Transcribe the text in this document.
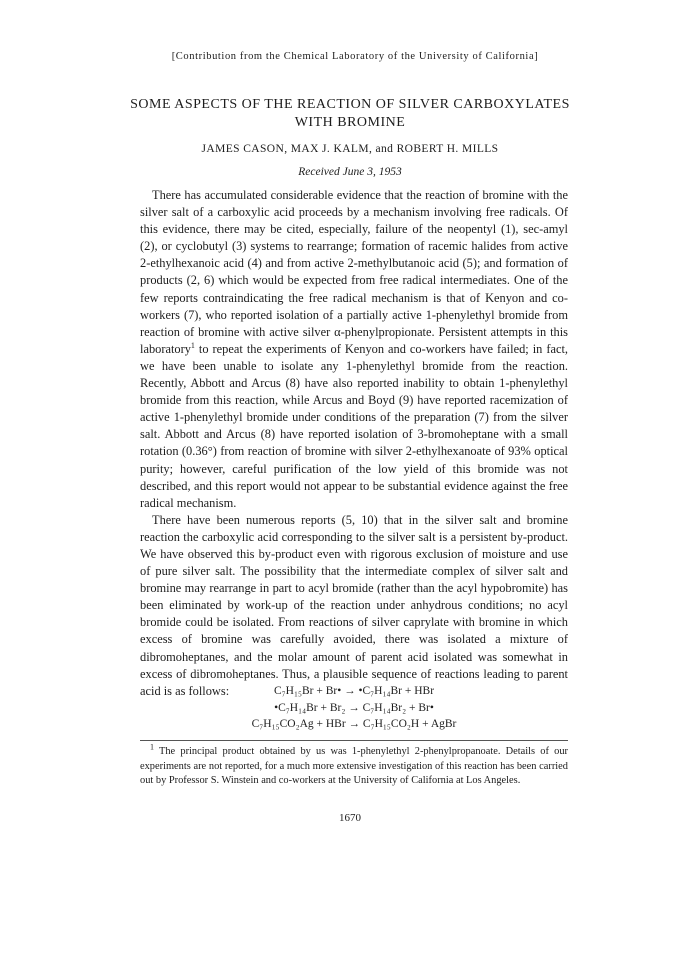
[Contribution from the Chemical Laboratory of the University of California]
SOME ASPECTS OF THE REACTION OF SILVER CARBOXYLATES WITH BROMINE
JAMES CASON, MAX J. KALM, and ROBERT H. MILLS
Received June 3, 1953

There has accumulated considerable evidence that the reaction of bromine with the silver salt of a carboxylic acid proceeds by a mechanism involving free radicals. Of this evidence, there may be cited, especially, failure of the neopentyl (1), sec-amyl (2), or cyclobutyl (3) systems to rearrange; formation of racemic halides from active 2-ethylhexanoic acid (4) and from active 2-methylbutanoic acid (5); and formation of products (2, 6) which would be expected from free radical intermediates. One of the few reports contraindicating the free radical mechanism is that of Kenyon and co-workers (7), who reported isolation of a partially active 1-phenylethyl bromide from reaction of bromine with active silver α-phenylpropionate. Persistent attempts in this laboratory$^1$ to repeat the experiments of Kenyon and co-workers have failed; in fact, we have been unable to isolate any 1-phenylethyl bromide from the reaction. Recently, Abbott and Arcus (8) have also reported inability to obtain 1-phenylethyl bromide from this reaction, while Arcus and Boyd (9) have reported racemization of active 1-phenylethyl bromide under conditions of the preparation (7) from the silver salt. Abbott and Arcus (8) have reported isolation of 3-bromoheptane with a small rotation (0.36°) from reaction of bromine with silver 2-ethylhexanoate of 93% optical purity; however, careful purification of the low yield of this bromide was not described, and this report would not appear to be substantial evidence against the free radical mechanism.

There have been numerous reports (5, 10) that in the silver salt and bromine reaction the carboxylic acid corresponding to the silver salt is a persistent by-product. We have observed this by-product even with rigorous exclusion of moisture and use of pure silver salt. The possibility that the intermediate complex of silver salt and bromine may rearrange in part to acyl bromide (rather than the acyl hypobromite) has been eliminated by work-up of the reaction under anhydrous conditions; no acyl bromide could be isolated. From reactions of silver caprylate with bromine in which excess of bromine was carefully avoided, there was isolated a mixture of dibromoheptanes, and the molar amount of parent acid isolated was somewhat in excess of dibromoheptanes. Thus, a plausible sequence of reactions leading to parent acid is as follows:	C₇H₁₅Br + Br• → •C₇H₁₄Br + HBr
•C₇H₁₄Br + Br₂ → C₇H₁₄Br₂ + Br•
C₇H₁₅CO₂Ag + HBr → C₇H₁₅CO₂H + AgBr

$^1$ The principal product obtained by us was 1-phenylethyl 2-phenylpropanoate. Details of our experiments are not reported, for a much more extensive investigation of this reaction has been carried out by Professor S. Winstein and co-workers at the University of California at Los Angeles.

1670
